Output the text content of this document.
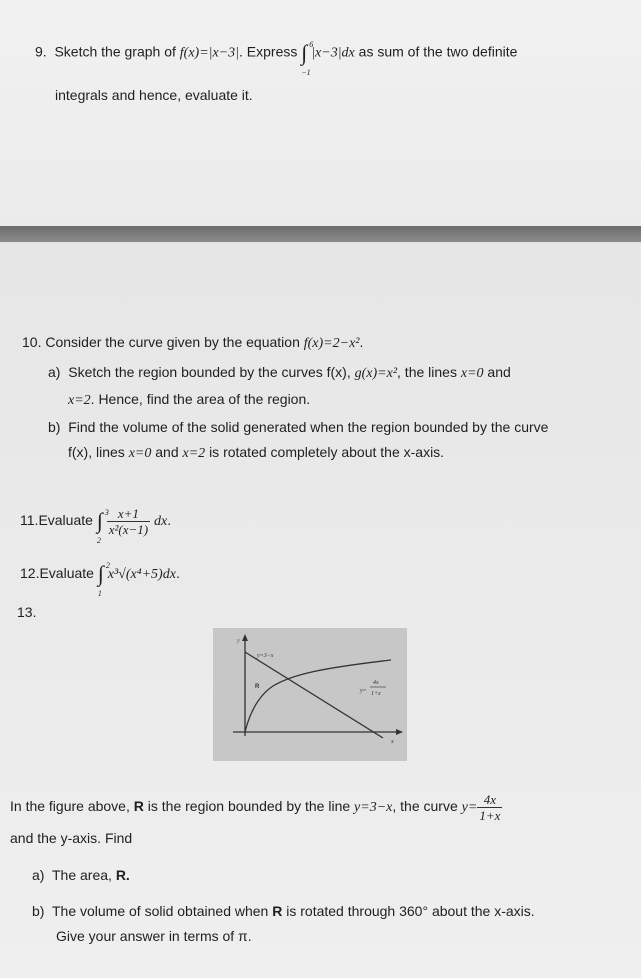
9. Sketch the graph of f(x)=|x−3|. Express ∫ 6
−1
|x−3|dx as sum of the two definite
integrals and hence, evaluate it.
10. Consider the curve given by the equation f(x)=2−x².
a) Sketch the region bounded by the curves f(x), g(x)=x², the lines x=0 and
x=2. Hence, find the area of the region.
b) Find the volume of the solid generated when the region bounded by the curve
f(x), lines x=0 and x=2 is rotated completely about the x-axis.
11.Evaluate ∫ 3
2

$\frac{x+1}{\text{x²(x−1)}}$ dx.
12.Evaluate ∫ 2
1
x³√(x⁴+5)dx.
13.
y
y=3−x
R
y=
4x
1+x
x
In the figure above, R is the region bounded by the line y=3−x, the curve $y= \frac{4x}{1+x}$
and the y-axis. Find
a) The area, R.
b) The volume of solid obtained when R is rotated through 360° about the x-axis.
Give your answer in terms of π.
